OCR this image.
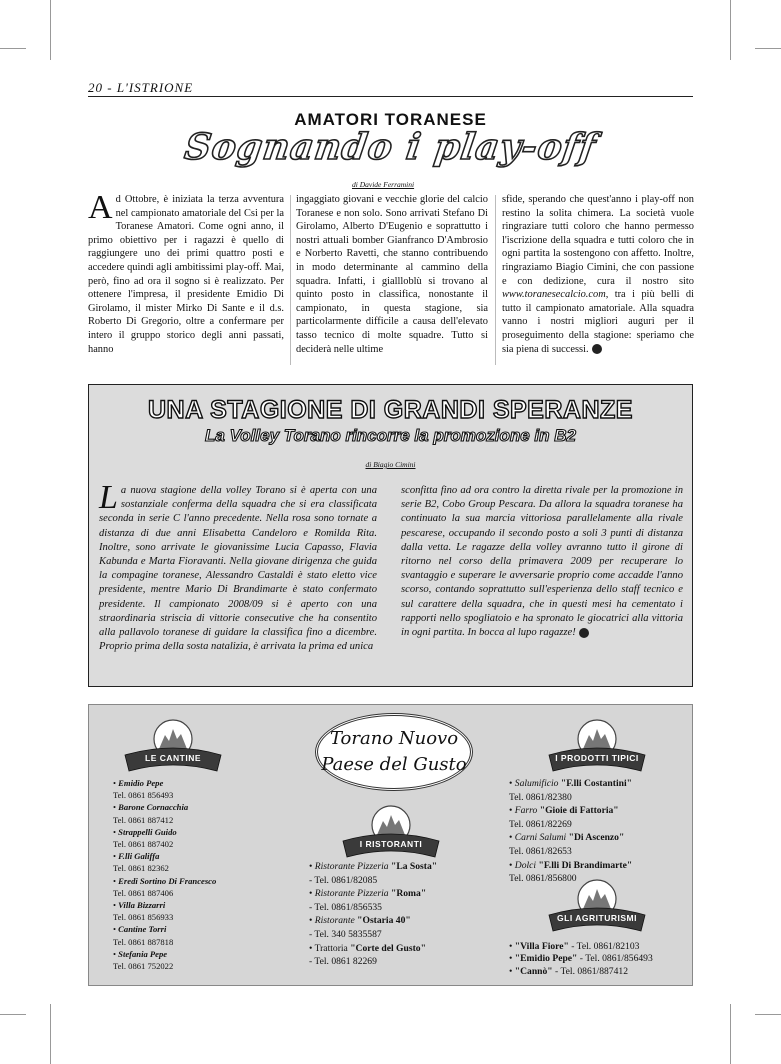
20 - L'ISTRIONE
AMATORI TORANESE
Sognando i play-off
di Davide Ferramini
Ad Ottobre, è iniziata la terza avventura nel campionato amatoriale del Csi per la Toranese Amatori. Come ogni anno, il primo obiettivo per i ragazzi è quello di raggiungere uno dei primi quattro posti e accedere quindi agli ambitissimi play-off. Mai, però, fino ad ora il sogno si è realizzato. Per ottenere l'impresa, il presidente Emidio Di Girolamo, il mister Mirko Di Sante e il d.s. Roberto Di Gregorio, oltre a confermare per intero il gruppo storico degli anni passati, hanno
ingaggiato giovani e vecchie glorie del calcio Toranese e non solo. Sono arrivati Stefano Di Girolamo, Alberto D'Eugenio e soprattutto i nostri attuali bomber Gianfranco D'Ambrosio e Norberto Ravetti, che stanno contribuendo in modo determinante al cammino della squadra. Infatti, i giallloblù si trovano al quinto posto in classifica, nonostante il campionato, in questa stagione, sia particolarmente difficile a causa dell'elevato tasso tecnico di molte squadre. Tutto si deciderà nelle ultime
sfide, sperando che quest'anno i play-off non restino la solita chimera. La società vuole ringraziare tutti coloro che hanno permesso l'iscrizione della squadra e tutti coloro che in ogni partita la sostengono con affetto. Inoltre, ringraziamo Biagio Cimini, che con passione e con dedizione, cura il nostro sito www.toranesecalcio.com, tra i più belli di tutto il campionato amatoriale. Alla squadra vanno i nostri migliori auguri per il proseguimento della stagione: speriamo che sia piena di successi.
UNA STAGIONE DI GRANDI SPERANZE
La Volley Torano rincorre la promozione in B2
di Biagio Cimini
La nuova stagione della volley Torano si è aperta con una sostanziale conferma della squadra che si era classificata seconda in serie C l'anno precedente. Nella rosa sono tornate a distanza di due anni Elisabetta Candeloro e Romilda Rita. Inoltre, sono arrivate le giovanissime Lucia Capasso, Flavia Kabunda e Marta Fioravanti. Nella giovane dirigenza che guida la compagine toranese, Alessandro Castaldi è stato eletto vice presidente, mentre Mario Di Brandimarte è stato confermato presidente. Il campionato 2008/09 si è aperto con una straordinaria striscia di vittorie consecutive che ha consentito alla pallavolo toranese di guidare la classifica fino a dicembre. Proprio prima della sosta natalizia, è arrivata la prima ed unica
sconfitta fino ad ora contro la diretta rivale per la promozione in serie B2, Cobo Group Pescara. Da allora la squadra toranese ha continuato la sua marcia vittoriosa parallelamente alla rivale pescarese, occupando il secondo posto a soli 3 punti di distanza dalla vetta. Le ragazze della volley avranno tutto il girone di ritorno nel corso della primavera 2009 per recuperare lo svantaggio e superare le avversarie proprio come accadde l'anno scorso, contando soprattutto sull'esperienza dello staff tecnico e sul carattere della squadra, che in questi mesi ha cementato i rapporti nello spogliatoio e ha spronato le giocatrici alla vittoria in ogni partita. In bocca al lupo ragazze!
Torano Nuovo
Paese del Gusto
LE CANTINE
I RISTORANTI
I PRODOTTI TIPICI
GLI AGRITURISMI
• Emidio Pepe
Tel. 0861 856493
• Barone Cornacchia
Tel. 0861 887412
• Strappelli Guido
Tel. 0861 887402
• F.lli Galiffa
Tel. 0861 82362
• Eredi Sortino Di Francesco
Tel. 0861 887406
• Villa Bizzarri
Tel. 0861 856933
• Cantine Torri
Tel. 0861 887818
• Stefania Pepe
Tel. 0861 752022
• Ristorante Pizzeria "La Sosta"
- Tel. 0861/82085
• Ristorante Pizzeria "Roma"
- Tel. 0861/856535
• Ristorante "Ostaria 40"
- Tel. 340 5835587
• Trattoria "Corte del Gusto"
- Tel. 0861 82269
• Salumificio "F.lli Costantini"
Tel. 0861/82380
• Farro "Gioie di Fattoria"
Tel. 0861/82269
• Carni Salumi "Di Ascenzo"
Tel. 0861/82653
• Dolci "F.lli Di Brandimarte"
Tel. 0861/856800
• "Villa Fiore" - Tel. 0861/82103
• "Emidio Pepe" - Tel. 0861/856493
• "Cannò" - Tel. 0861/887412
